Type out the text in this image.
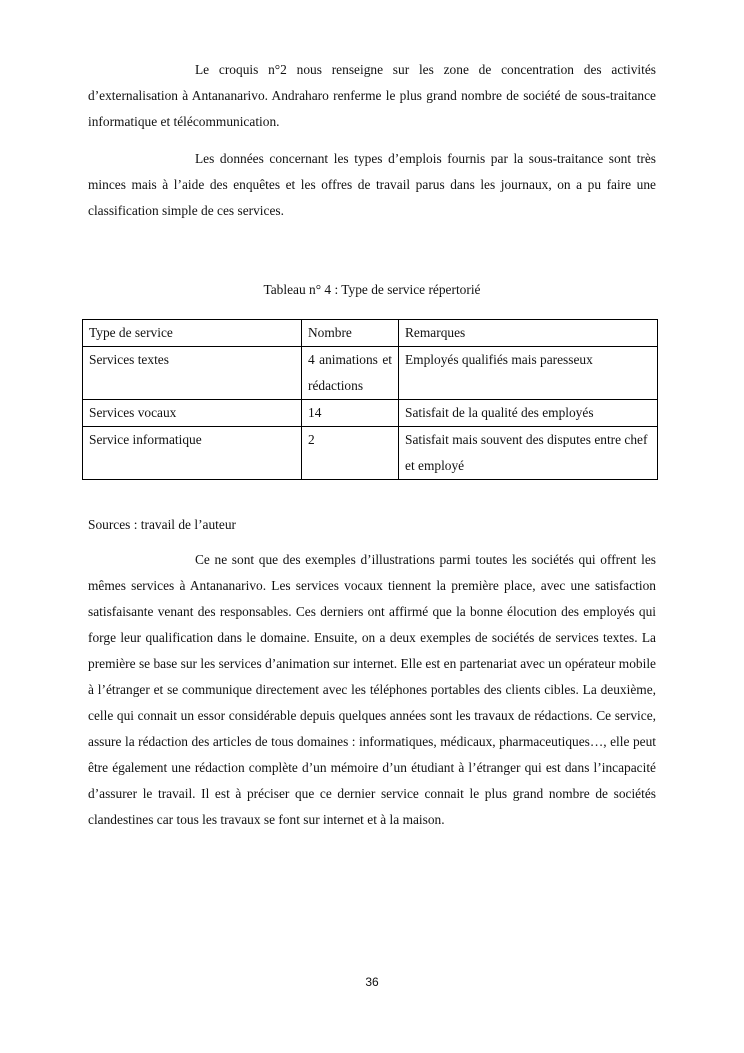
Le croquis n°2 nous renseigne sur les zone de concentration des activités d’externalisation à Antananarivo. Andraharo renferme le plus grand nombre de société de sous-traitance informatique et télécommunication.

Les données concernant les types d’emplois fournis par la sous-traitance sont très minces mais à l’aide des enquêtes et les offres de travail parus dans les journaux, on a pu faire une classification simple de ces services.

Tableau n° 4 : Type de service répertorié

Type de service	Nombre	Remarques
Services textes	4 animations et rédactions	Employés qualifiés mais paresseux
Services vocaux	14	Satisfait de la qualité des employés
Service informatique	2	Satisfait mais souvent des disputes entre chef et employé

Sources : travail de l’auteur

Ce ne sont que des exemples d’illustrations parmi toutes les sociétés qui offrent les mêmes services à Antananarivo. Les services vocaux tiennent la première place, avec une satisfaction satisfaisante venant des responsables. Ces derniers ont affirmé que la bonne élocution des employés qui forge leur qualification dans le domaine. Ensuite, on a deux exemples de sociétés de services textes. La première se base sur les services d’animation sur internet. Elle est en partenariat avec un opérateur mobile à l’étranger et se communique directement avec les téléphones portables des clients cibles. La deuxième, celle qui connait un essor considérable depuis quelques années sont les travaux de rédactions. Ce service, assure la rédaction des articles de tous domaines : informatiques, médicaux, pharmaceutiques…, elle peut être également une rédaction complète d’un mémoire d’un étudiant à l’étranger qui est dans l’incapacité d’assurer le travail. Il est à préciser que ce dernier service connait le plus grand nombre de sociétés clandestines car tous les travaux se font sur internet et à la maison.

36
